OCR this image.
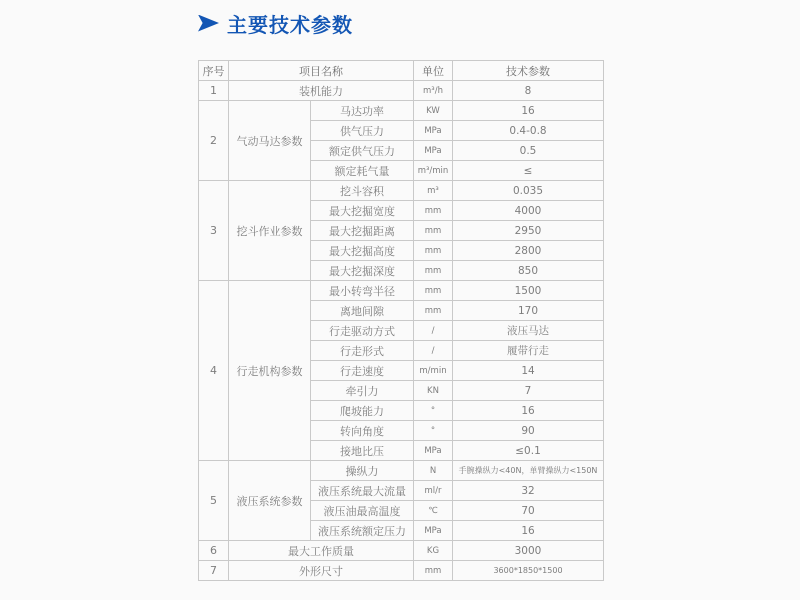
主要技术参数
序号	项目名称		单位	技术参数
1	装机能力		m³/h	8
2	气动马达参数	马达功率	KW	16
		供气压力	MPa	0.4-0.8
		额定供气压力	MPa	0.5
		额定耗气量	m³/min	≤
3	挖斗作业参数	挖斗容积	m³	0.035
		最大挖掘宽度	mm	4000
		最大挖掘距离	mm	2950
		最大挖掘高度	mm	2800
		最大挖掘深度	mm	850
4	行走机构参数	最小转弯半径	mm	1500
		离地间隙	mm	170
		行走驱动方式	/	液压马达
		行走形式	/	履带行走
		行走速度	m/min	14
		牵引力	KN	7
		爬坡能力	°	16
		转向角度	°	90
		接地比压	MPa	≤0.1
5	液压系统参数	操纵力	N	手腕操纵力<40N，单臂操纵力<150N
		液压系统最大流量	ml/r	32
		液压油最高温度	℃	70
		液压系统额定压力	MPa	16
6	最大工作质量		KG	3000
7	外形尺寸		mm	3600*1850*1500
